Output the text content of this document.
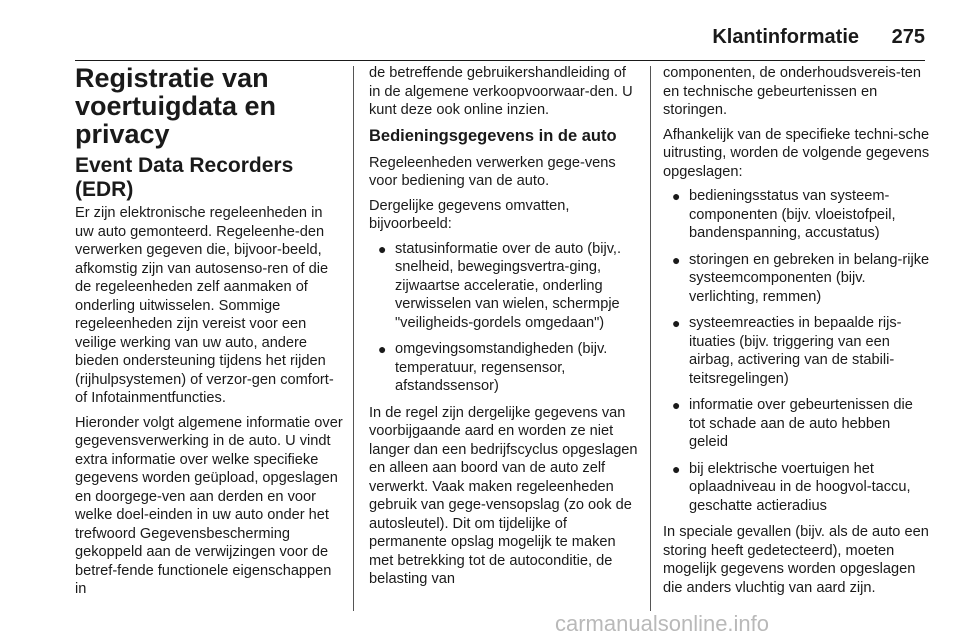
Klantinformatie 275
Registratie van voertuigdata en privacy
Event Data Recorders (EDR)

Er zijn elektronische regeleenheden in uw auto gemonteerd. Regeleenhe-den verwerken gegeven die, bijvoor-beeld, afkomstig zijn van autosenso-ren of die de regeleenheden zelf aanmaken of onderling uitwisselen. Sommige regeleenheden zijn vereist voor een veilige werking van uw auto, andere bieden ondersteuning tijdens het rijden (rijhulpsystemen) of verzor-gen comfort- of Infotainmentfuncties.

Hieronder volgt algemene informatie over gegevensverwerking in de auto. U vindt extra informatie over welke specifieke gegevens worden geüpload, opgeslagen en doorgege-ven aan derden en voor welke doel-einden in uw auto onder het trefwoord Gegevensbescherming gekoppeld aan de verwijzingen voor de betref-fende functionele eigenschappen in

de betreffende gebruikershandleiding of in de algemene verkoopvoorwaar-den. U kunt deze ook online inzien.

Bedieningsgegevens in de auto

Regeleenheden verwerken gege-vens voor bediening van de auto.

Dergelijke gegevens omvatten, bijvoorbeeld:

● statusinformatie over de auto (bijv,. snelheid, bewegingsvertra-ging, zijwaartse acceleratie, onderling verwisselen van wielen, schermpje "veiligheids-gordels omgedaan")
● omgevingsomstandigheden (bijv. temperatuur, regensensor, afstandssensor)

In de regel zijn dergelijke gegevens van voorbijgaande aard en worden ze niet langer dan een bedrijfscyclus opgeslagen en alleen aan boord van de auto zelf verwerkt. Vaak maken regeleenheden gebruik van gege-vensopslag (zo ook de autosleutel). Dit om tijdelijke of permanente opslag mogelijk te maken met betrekking tot de autoconditie, de belasting van

componenten, de onderhoudsvereis-ten en technische gebeurtenissen en storingen.

Afhankelijk van de specifieke techni-sche uitrusting, worden de volgende gegevens opgeslagen:

● bedieningsstatus van systeem-componenten (bijv. vloeistofpeil, bandenspanning, accustatus)
● storingen en gebreken in belang-rijke systeemcomponenten (bijv. verlichting, remmen)
● systeemreacties in bepaalde rijs-ituaties (bijv. triggering van een airbag, activering van de stabili-teitsregelingen)
● informatie over gebeurtenissen die tot schade aan de auto hebben geleid
● bij elektrische voertuigen het oplaadniveau in de hoogvol-taccu, geschatte actieradius

In speciale gevallen (bijv. als de auto een storing heeft gedetecteerd), moeten mogelijk gegevens worden opgeslagen die anders vluchtig van aard zijn.

carmanualsonline.info
